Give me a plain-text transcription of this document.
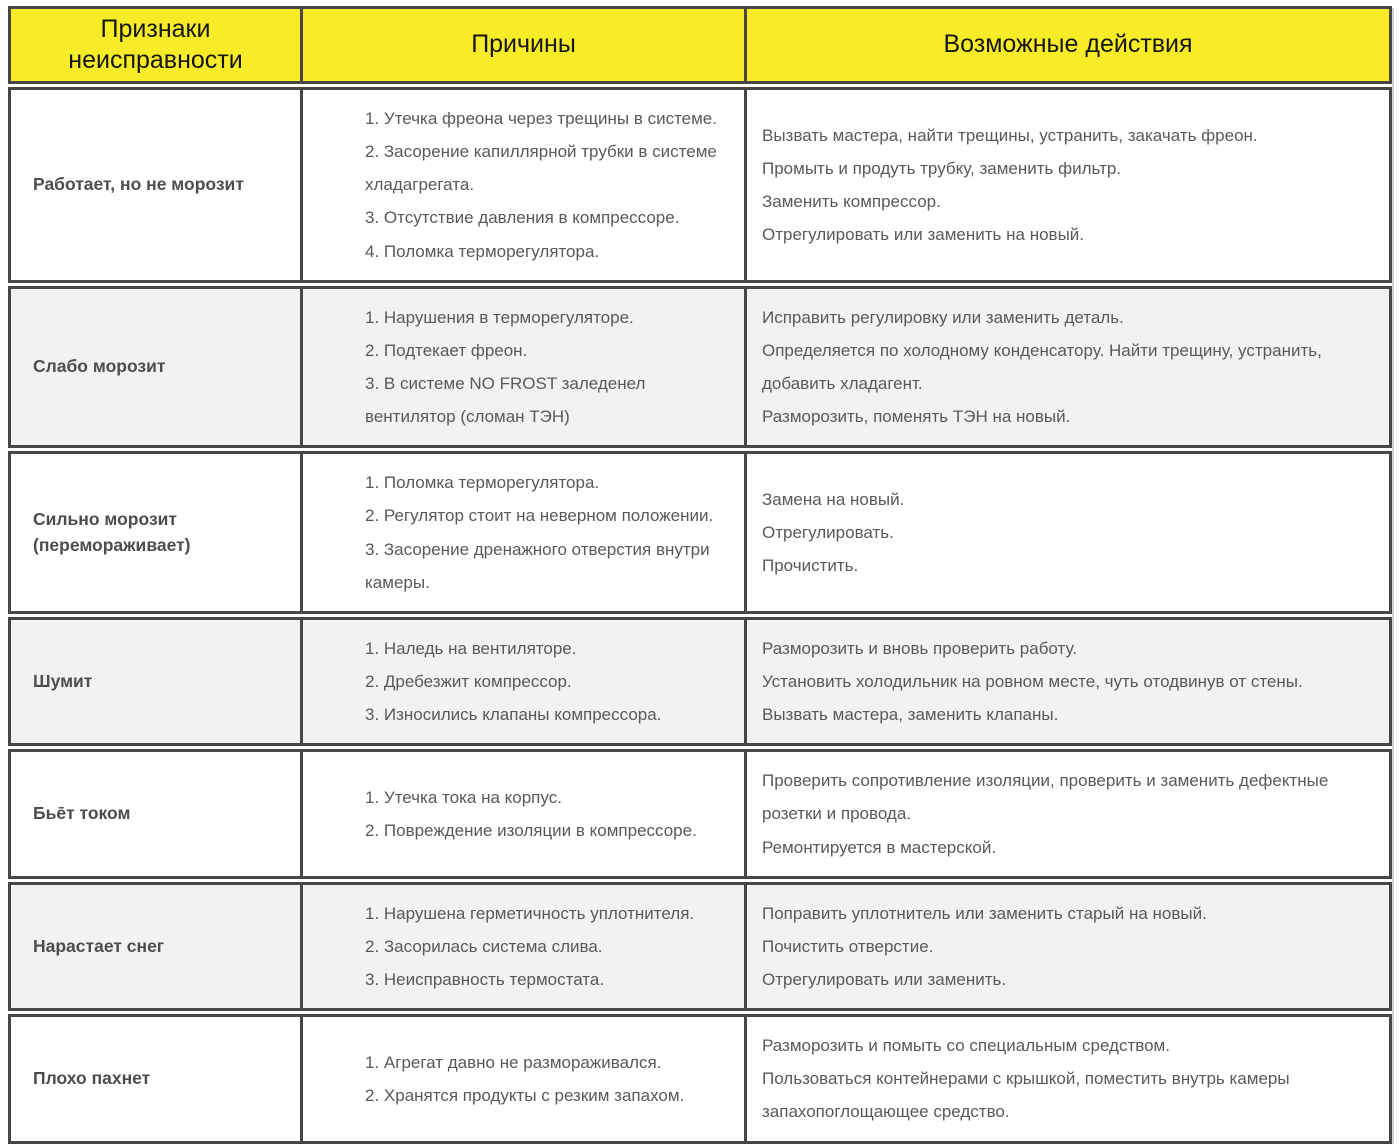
Признаки неисправности
Причины	Возможные действия
Работает, но не морозит
1. Утечка фреона через трещины в системе.
2. Засорение капиллярной трубки в системе хладагрегата.
3. Отсутствие давления в компрессоре.
4. Поломка терморегулятора.
Вызвать мастера, найти трещины, устранить, закачать фреон.
Промыть и продуть трубку, заменить фильтр.
Заменить компрессор.
Отрегулировать или заменить на новый.
Слабо морозит
1. Нарушения в терморегуляторе.
2. Подтекает фреон.
3. В системе NO FROST заледенел вентилятор (сломан ТЭН)
Исправить регулировку или заменить деталь.
Определяется по холодному конденсатору. Найти трещину, устранить, добавить хладагент.
Разморозить, поменять ТЭН на новый.
Сильно морозит (перемораживает)
1. Поломка терморегулятора.
2. Регулятор стоит на неверном положении.
3. Засорение дренажного отверстия внутри камеры.
Замена на новый.
Отрегулировать.
Прочистить.
Шумит
1. Наледь на вентиляторе.
2. Дребезжит компрессор.
3. Износились клапаны компрессора.
Разморозить и вновь проверить работу.
Установить холодильник на ровном месте, чуть отодвинув от стены.
Вызвать мастера, заменить клапаны.
Бье̄т током
1. Утечка тока на корпус.
2. Повреждение изоляции в компрессоре.
Проверить сопротивление изоляции, проверить и заменить дефектные розетки и провода.
Ремонтируется в мастерской.
Нарастает снег
1. Нарушена герметичность уплотнителя.
2. Засорилась система слива.
3. Неисправность термостата.
Поправить уплотнитель или заменить старый на новый.
Почистить отверстие.
Отрегулировать или заменить.
Плохо пахнет
1. Агрегат давно не размораживался.
2. Хранятся продукты с резким запахом.
Разморозить и помыть со специальным средством.
Пользоваться контейнерами с крышкой, поместить внутрь камеры запахопоглощающее средство.
